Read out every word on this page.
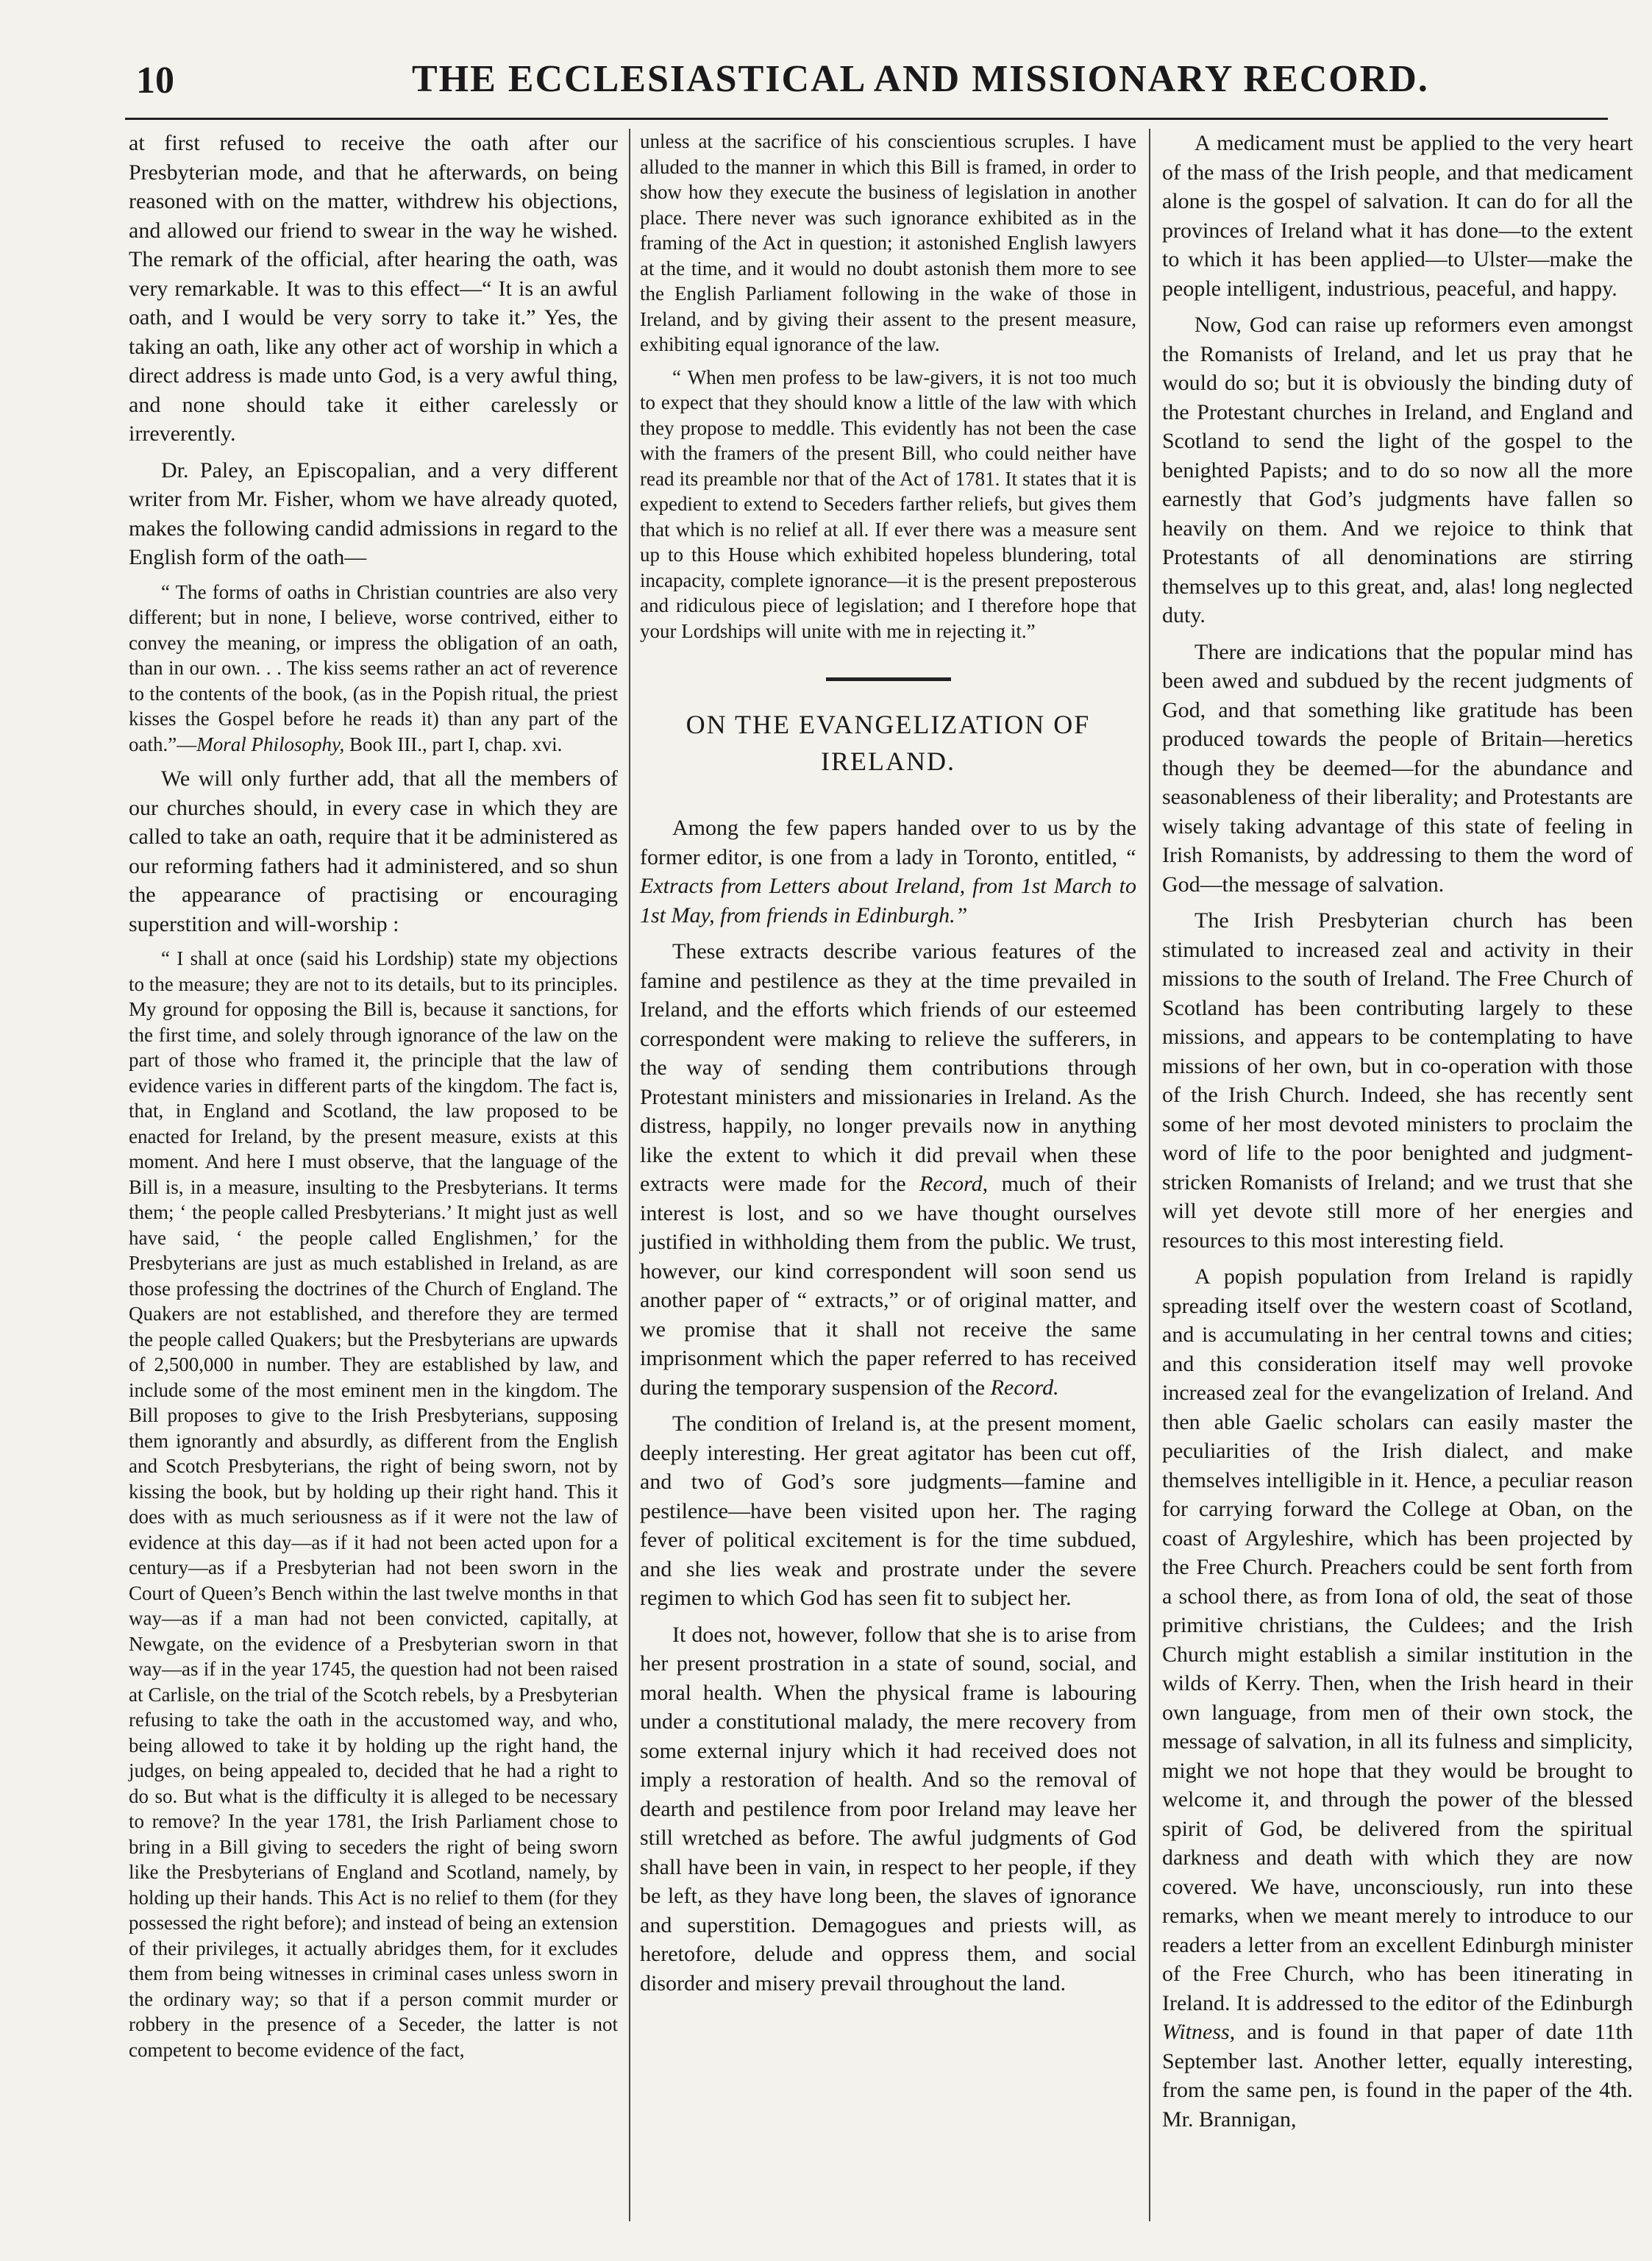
10	THE ECCLESIASTICAL AND MISSIONARY RECORD.

at first refused to receive the oath after our Presbyterian mode, and that he afterwards, on being reasoned with on the matter, withdrew his objections, and allowed our friend to swear in the way he wished. The remark of the official, after hearing the oath, was very remarkable. It was to this effect—“ It is an awful oath, and I would be very sorry to take it.” Yes, the taking an oath, like any other act of worship in which a direct address is made unto God, is a very awful thing, and none should take it either carelessly or irreverently.

Dr. Paley, an Episcopalian, and a very different writer from Mr. Fisher, whom we have already quoted, makes the following candid admissions in regard to the English form of the oath—

“ The forms of oaths in Christian countries are also very different; but in none, I believe, worse contrived, either to convey the meaning, or impress the obligation of an oath, than in our own. . . The kiss seems rather an act of reverence to the contents of the book, (as in the Popish ritual, the priest kisses the Gospel before he reads it) than any part of the oath.”—Moral Philosophy, Book III., part I, chap. xvi.

We will only further add, that all the members of our churches should, in every case in which they are called to take an oath, require that it be administered as our reforming fathers had it administered, and so shun the appearance of practising or encouraging superstition and will-worship :

“ I shall at once (said his Lordship) state my objections to the measure; they are not to its details, but to its principles. My ground for opposing the Bill is, because it sanctions, for the first time, and solely through ignorance of the law on the part of those who framed it, the principle that the law of evidence varies in different parts of the kingdom. The fact is, that, in England and Scotland, the law proposed to be enacted for Ireland, by the present measure, exists at this moment. And here I must observe, that the language of the Bill is, in a measure, insulting to the Presbyterians. It terms them; ‘ the people called Presbyterians.’ It might just as well have said, ‘ the people called Englishmen,’ for the Presbyterians are just as much established in Ireland, as are those professing the doctrines of the Church of England. The Quakers are not established, and therefore they are termed the people called Quakers; but the Presbyterians are upwards of 2,500,000 in number. They are established by law, and include some of the most eminent men in the kingdom. The Bill proposes to give to the Irish Presbyterians, supposing them ignorantly and absurdly, as different from the English and Scotch Presbyterians, the right of being sworn, not by kissing the book, but by holding up their right hand. This it does with as much seriousness as if it were not the law of evidence at this day—as if it had not been acted upon for a century—as if a Presbyterian had not been sworn in the Court of Queen’s Bench within the last twelve months in that way—as if a man had not been convicted, capitally, at Newgate, on the evidence of a Presbyterian sworn in that way—as if in the year 1745, the question had not been raised at Carlisle, on the trial of the Scotch rebels, by a Presbyterian refusing to take the oath in the accustomed way, and who, being allowed to take it by holding up the right hand, the judges, on being appealed to, decided that he had a right to do so. But what is the difficulty it is alleged to be necessary to remove? In the year 1781, the Irish Parliament chose to bring in a Bill giving to seceders the right of being sworn like the Presbyterians of England and Scotland, namely, by holding up their hands. This Act is no relief to them (for they possessed the right before); and instead of being an extension of their privileges, it actually abridges them, for it excludes them from being witnesses in criminal cases unless sworn in the ordinary way; so that if a person commit murder or robbery in the presence of a Seceder, the latter is not competent to become evidence of the fact,

unless at the sacrifice of his conscientious scruples. I have alluded to the manner in which this Bill is framed, in order to show how they execute the business of legislation in another place. There never was such ignorance exhibited as in the framing of the Act in question; it astonished English lawyers at the time, and it would no doubt astonish them more to see the English Parliament following in the wake of those in Ireland, and by giving their assent to the present measure, exhibiting equal ignorance of the law.

“ When men profess to be law-givers, it is not too much to expect that they should know a little of the law with which they propose to meddle. This evidently has not been the case with the framers of the present Bill, who could neither have read its preamble nor that of the Act of 1781. It states that it is expedient to extend to Seceders farther reliefs, but gives them that which is no relief at all. If ever there was a measure sent up to this House which exhibited hopeless blundering, total incapacity, complete ignorance—it is the present preposterous and ridiculous piece of legislation; and I therefore hope that your Lordships will unite with me in rejecting it.”

ON THE EVANGELIZATION OF IRELAND.

Among the few papers handed over to us by the former editor, is one from a lady in Toronto, entitled, “ Extracts from Letters about Ireland, from 1st March to 1st May, from friends in Edinburgh.”

These extracts describe various features of the famine and pestilence as they at the time prevailed in Ireland, and the efforts which friends of our esteemed correspondent were making to relieve the sufferers, in the way of sending them contributions through Protestant ministers and missionaries in Ireland. As the distress, happily, no longer prevails now in anything like the extent to which it did prevail when these extracts were made for the Record, much of their interest is lost, and so we have thought ourselves justified in withholding them from the public. We trust, however, our kind correspondent will soon send us another paper of “ extracts,” or of original matter, and we promise that it shall not receive the same imprisonment which the paper referred to has received during the temporary suspension of the Record.

The condition of Ireland is, at the present moment, deeply interesting. Her great agitator has been cut off, and two of God’s sore judgments—famine and pestilence—have been visited upon her. The raging fever of political excitement is for the time subdued, and she lies weak and prostrate under the severe regimen to which God has seen fit to subject her.

It does not, however, follow that she is to arise from her present prostration in a state of sound, social, and moral health. When the physical frame is labouring under a constitutional malady, the mere recovery from some external injury which it had received does not imply a restoration of health. And so the removal of dearth and pestilence from poor Ireland may leave her still wretched as before. The awful judgments of God shall have been in vain, in respect to her people, if they be left, as they have long been, the slaves of ignorance and superstition. Demagogues and priests will, as heretofore, delude and oppress them, and social disorder and misery prevail throughout the land.

A medicament must be applied to the very heart of the mass of the Irish people, and that medicament alone is the gospel of salvation. It can do for all the provinces of Ireland what it has done—to the extent to which it has been applied—to Ulster—make the people intelligent, industrious, peaceful, and happy.

Now, God can raise up reformers even amongst the Romanists of Ireland, and let us pray that he would do so; but it is obviously the binding duty of the Protestant churches in Ireland, and England and Scotland to send the light of the gospel to the benighted Papists; and to do so now all the more earnestly that God’s judgments have fallen so heavily on them. And we rejoice to think that Protestants of all denominations are stirring themselves up to this great, and, alas! long neglected duty.

There are indications that the popular mind has been awed and subdued by the recent judgments of God, and that something like gratitude has been produced towards the people of Britain—heretics though they be deemed—for the abundance and seasonableness of their liberality; and Protestants are wisely taking advantage of this state of feeling in Irish Romanists, by addressing to them the word of God—the message of salvation.

The Irish Presbyterian church has been stimulated to increased zeal and activity in their missions to the south of Ireland. The Free Church of Scotland has been contributing largely to these missions, and appears to be contemplating to have missions of her own, but in co-operation with those of the Irish Church. Indeed, she has recently sent some of her most devoted ministers to proclaim the word of life to the poor benighted and judgment-stricken Romanists of Ireland; and we trust that she will yet devote still more of her energies and resources to this most interesting field.

A popish population from Ireland is rapidly spreading itself over the western coast of Scotland, and is accumulating in her central towns and cities; and this consideration itself may well provoke increased zeal for the evangelization of Ireland. And then able Gaelic scholars can easily master the peculiarities of the Irish dialect, and make themselves intelligible in it. Hence, a peculiar reason for carrying forward the College at Oban, on the coast of Argyleshire, which has been projected by the Free Church. Preachers could be sent forth from a school there, as from Iona of old, the seat of those primitive christians, the Culdees; and the Irish Church might establish a similar institution in the wilds of Kerry. Then, when the Irish heard in their own language, from men of their own stock, the message of salvation, in all its fulness and simplicity, might we not hope that they would be brought to welcome it, and through the power of the blessed spirit of God, be delivered from the spiritual darkness and death with which they are now covered. We have, unconsciously, run into these remarks, when we meant merely to introduce to our readers a letter from an excellent Edinburgh minister of the Free Church, who has been itinerating in Ireland. It is addressed to the editor of the Edinburgh Witness, and is found in that paper of date 11th September last. Another letter, equally interesting, from the same pen, is found in the paper of the 4th. Mr. Brannigan,
